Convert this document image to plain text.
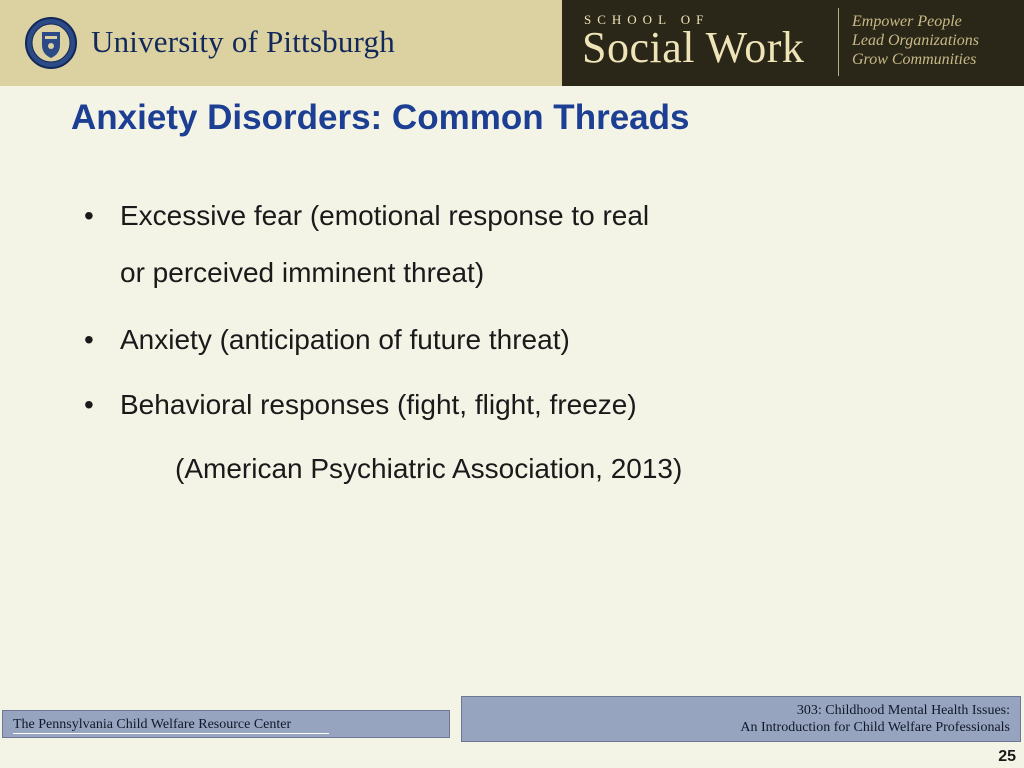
University of Pittsburgh
SCHOOL OF
Social Work
Empower People
Lead Organizations
Grow Communities
Anxiety Disorders: Common Threads
• Excessive fear (emotional response to real
or perceived imminent threat)
• Anxiety (anticipation of future threat)
• Behavioral responses (fight, flight, freeze)
(American Psychiatric Association, 2013)
The Pennsylvania Child Welfare Resource Center
303: Childhood Mental Health Issues:
An Introduction for Child Welfare Professionals
25
